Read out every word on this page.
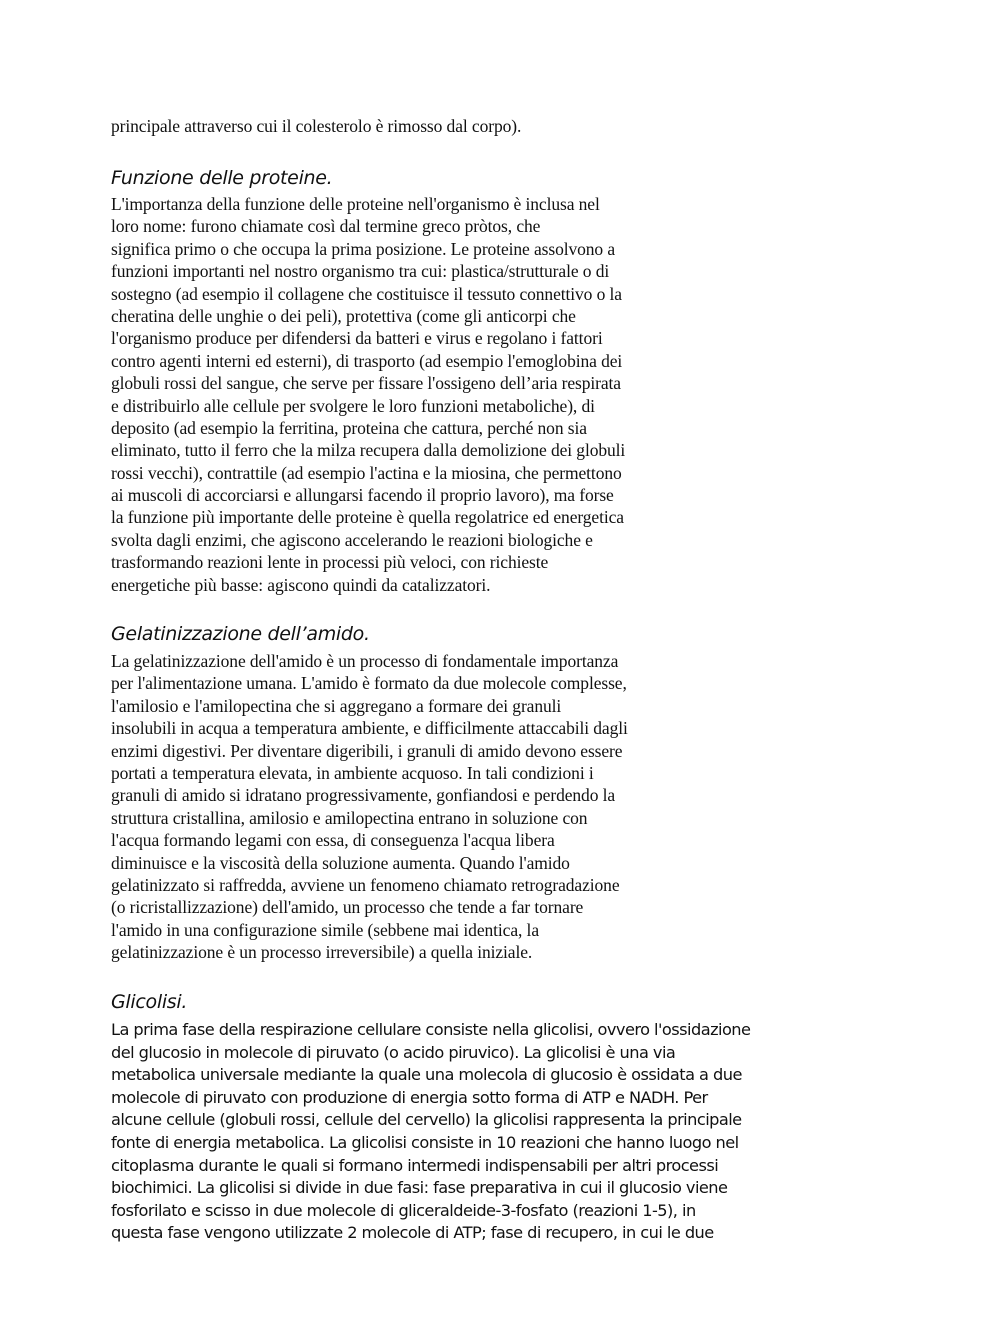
principale attraverso cui il colesterolo è rimosso dal corpo).
Funzione delle proteine.
L'importanza della funzione delle proteine nell'organismo è inclusa nel
loro nome: furono chiamate così dal termine greco pròtos, che
significa primo o che occupa la prima posizione. Le proteine assolvono a
funzioni importanti nel nostro organismo tra cui: plastica/strutturale o di
sostegno (ad esempio il collagene che costituisce il tessuto connettivo o la
cheratina delle unghie o dei peli), protettiva (come gli anticorpi che
l'organismo produce per difendersi da batteri e virus e regolano i fattori
contro agenti interni ed esterni), di trasporto (ad esempio l'emoglobina dei
globuli rossi del sangue, che serve per fissare l'ossigeno dell’aria respirata
e distribuirlo alle cellule per svolgere le loro funzioni metaboliche), di
deposito (ad esempio la ferritina, proteina che cattura, perché non sia
eliminato, tutto il ferro che la milza recupera dalla demolizione dei globuli
rossi vecchi), contrattile (ad esempio l'actina e la miosina, che permettono
ai muscoli di accorciarsi e allungarsi facendo il proprio lavoro), ma forse
la funzione più importante delle proteine è quella regolatrice ed energetica
svolta dagli enzimi, che agiscono accelerando le reazioni biologiche e
trasformando reazioni lente in processi più veloci, con richieste
energetiche più basse: agiscono quindi da catalizzatori.
Gelatinizzazione dell’amido.
La gelatinizzazione dell'amido è un processo di fondamentale importanza
per l'alimentazione umana. L'amido è formato da due molecole complesse,
l'amilosio e l'amilopectina che si aggregano a formare dei granuli
insolubili in acqua a temperatura ambiente, e difficilmente attaccabili dagli
enzimi digestivi. Per diventare digeribili, i granuli di amido devono essere
portati a temperatura elevata, in ambiente acquoso. In tali condizioni i
granuli di amido si idratano progressivamente, gonfiandosi e perdendo la
struttura cristallina, amilosio e amilopectina entrano in soluzione con
l'acqua formando legami con essa, di conseguenza l'acqua libera
diminuisce e la viscosità della soluzione aumenta. Quando l'amido
gelatinizzato si raffredda, avviene un fenomeno chiamato retrogradazione
(o ricristallizzazione) dell'amido, un processo che tende a far tornare
l'amido in una configurazione simile (sebbene mai identica, la
gelatinizzazione è un processo irreversibile) a quella iniziale.
Glicolisi.
La prima fase della respirazione cellulare consiste nella glicolisi, ovvero l'ossidazione
del glucosio in molecole di piruvato (o acido piruvico). La glicolisi è una via
metabolica universale mediante la quale una molecola di glucosio è ossidata a due
molecole di piruvato con produzione di energia sotto forma di ATP e NADH. Per
alcune cellule (globuli rossi, cellule del cervello) la glicolisi rappresenta la principale
fonte di energia metabolica. La glicolisi consiste in 10 reazioni che hanno luogo nel
citoplasma durante le quali si formano intermedi indispensabili per altri processi
biochimici. La glicolisi si divide in due fasi: fase preparativa in cui il glucosio viene
fosforilato e scisso in due molecole di gliceraldeide-3-fosfato (reazioni 1-5), in
questa fase vengono utilizzate 2 molecole di ATP; fase di recupero, in cui le due
